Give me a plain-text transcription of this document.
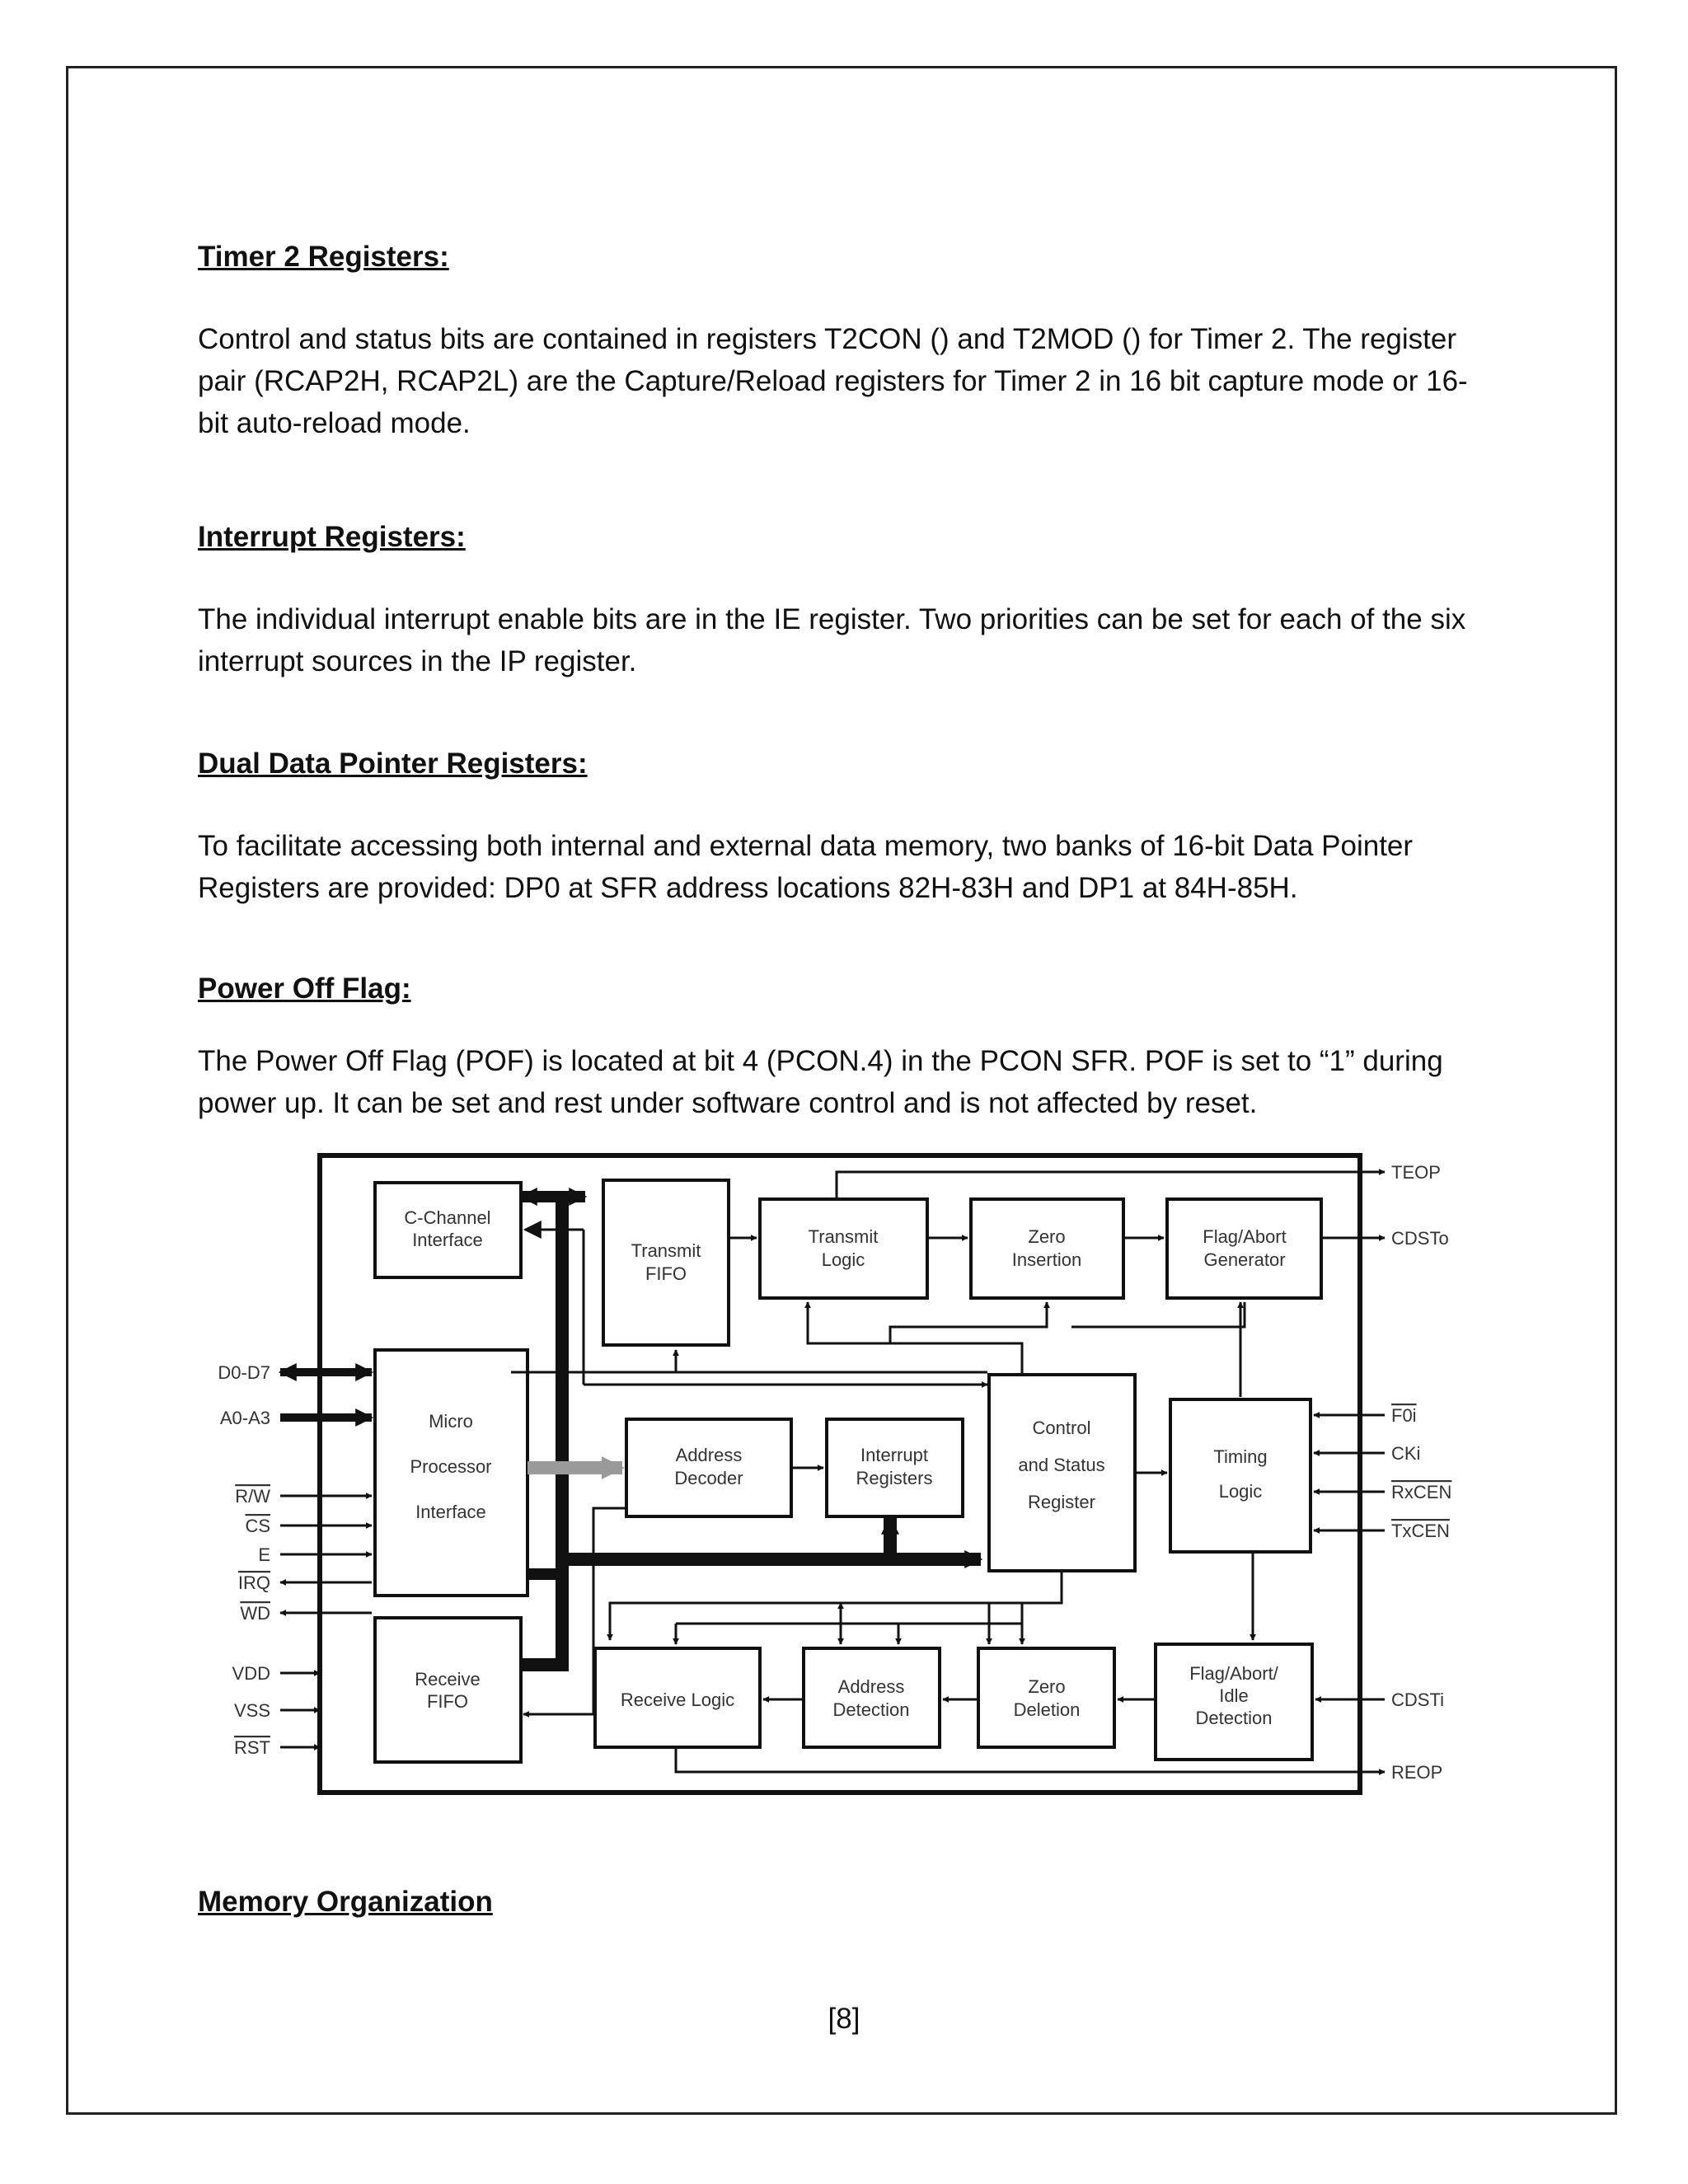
Timer 2 Registers:

Control and status bits are contained in registers T2CON () and T2MOD () for Timer 2. The register pair (RCAP2H, RCAP2L) are the Capture/Reload registers for Timer 2 in 16 bit capture mode or 16-bit auto-reload mode.

Interrupt Registers:

The individual interrupt enable bits are in the IE register. Two priorities can be set for each of the six interrupt sources in the IP register.

Dual Data Pointer Registers:

To facilitate accessing both internal and external data memory, two banks of 16-bit Data Pointer Registers are provided: DP0 at SFR address locations 82H-83H and DP1 at 84H-85H.

Power Off Flag:

The Power Off Flag (POF) is located at bit 4 (PCON.4) in the PCON SFR. POF is set to “1” during power up. It can be set and rest under software control and is not affected by reset.

C-Channel
Interface
Transmit
FIFO
Transmit
Logic
Zero
Insertion
Flag/Abort
Generator
Micro
Processor
Interface
Address
Decoder
Interrupt
Registers
Control
and Status
Register
Timing
Logic
Receive
FIFO	Receive Logic
Address
Detection
Zero
Deletion
Flag/Abort/
Idle
Detection
D0-D7
A0-A3
R/W
CS
E
IRQ
WD
VDD
VSS
RST
TEOP
CDSTo
F0i
CKi
RxCEN
TxCEN
CDSTi
REOP
Memory Organization
[8]
